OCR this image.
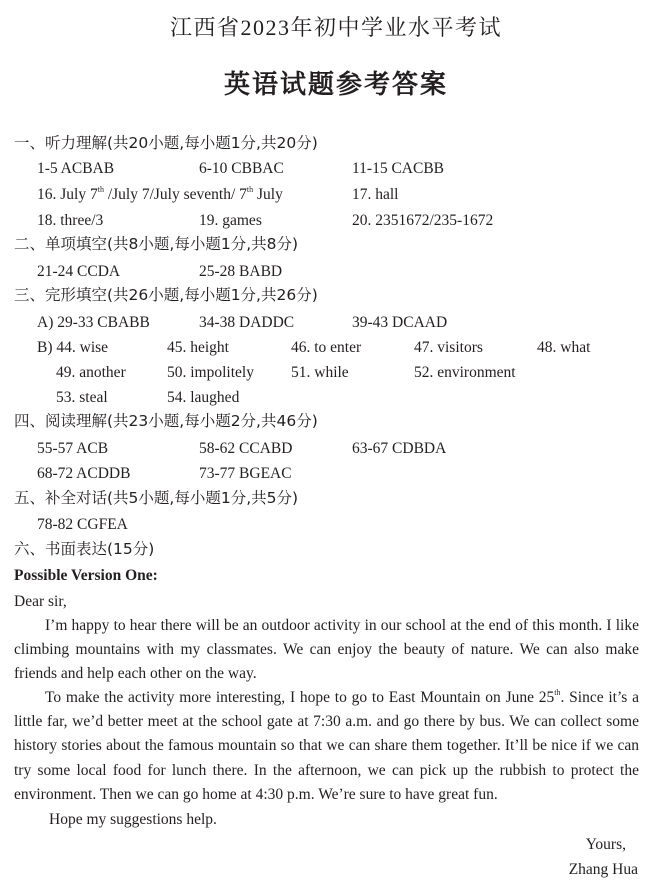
江西省2023年初中学业水平考试
英语试题参考答案
一、听力理解(共20小题,每小题1分,共20分)
1-5 ACBAB	6-10 CBBAC	11-15 CACBB
16. July 7th /July 7/July seventh/ 7th July	17. hall
18. three/3	19. games	20. 2351672/235-1672
二、单项填空(共8小题,每小题1分,共8分)
21-24 CCDA	25-28 BABD
三、完形填空(共26小题,每小题1分,共26分)
A) 29-33 CBABB	34-38 DADDC	39-43 DCAAD
B) 44. wise	45. height	46. to enter	47. visitors	48. what
49. another	50. impolitely 51. while	52. environment
53. steal	54. laughed
四、阅读理解(共23小题,每小题2分,共46分)
55-57 ACB	58-62 CCABD	63-67 CDBDA
68-72 ACDDB	73-77 BGEAC
五、补全对话(共5小题,每小题1分,共5分)
78-82 CGFEA
六、书面表达(15分)
Possible Version One:
Dear sir,

I’m happy to hear there will be an outdoor activity in our school at the end of this month. I like climbing mountains with my classmates. We can enjoy the beauty of nature. We can also make friends and help each other on the way.

To make the activity more interesting, I hope to go to East Mountain on June 25th. Since it’s a little far, we’d better meet at the school gate at 7:30 a.m. and go there by bus. We can collect some history stories about the famous mountain so that we can share them together. It’ll be nice if we can try some local food for lunch there. In the afternoon, we can pick up the rubbish to protect the environment. Then we can go home at 4:30 p.m. We’re sure to have great fun.

Hope my suggestions help.

Yours,
Zhang Hua
